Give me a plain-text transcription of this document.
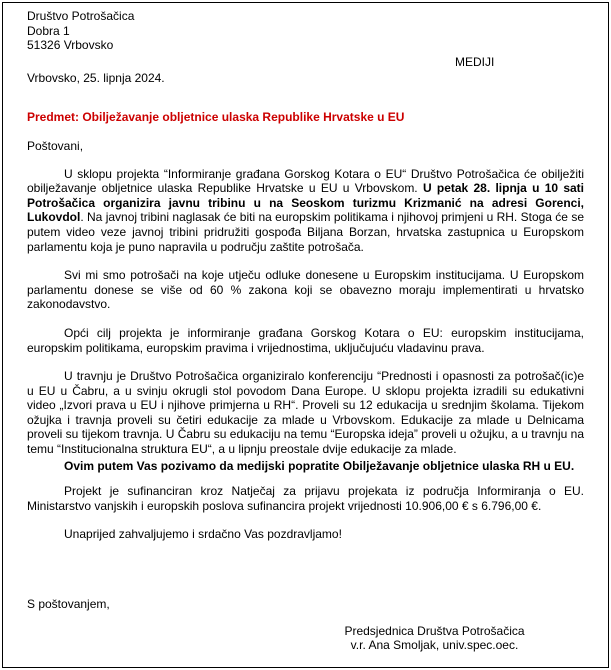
Društvo Potrošačica
Dobra 1
51326 Vrbovsko
MEDIJI
Vrbovsko, 25. lipnja 2024.
Predmet: Obilježavanje obljetnice ulaska Republike Hrvatske u EU
Poštovani,

U sklopu projekta “Informiranje građana Gorskog Kotara o EU“ Društvo Potrošačica će obilježiti obilježavanje obljetnice ulaska Republike Hrvatske u EU u Vrbovskom. U petak 28. lipnja u 10 sati Potrošačica organizira javnu tribinu u na Seoskom turizmu Krizmanić na adresi Gorenci, Lukovdol. Na javnoj tribini naglasak će biti na europskim politikama i njihovoj primjeni u RH. Stoga će se putem video veze javnoj tribini pridružiti gospođa Biljana Borzan, hrvatska zastupnica u Europskom parlamentu koja je puno napravila u području zaštite potrošača.

Svi mi smo potrošači na koje utječu odluke donesene u Europskim institucijama. U Europskom parlamentu donese se više od 60 % zakona koji se obavezno moraju implementirati u hrvatsko zakonodavstvo.

Opći cilj projekta je informiranje građana Gorskog Kotara o EU: europskim institucijama, europskim politikama, europskim pravima i vrijednostima, uključujuću vladavinu prava.

U travnju je Društvo Potrošačica organiziralo konferenciju “Prednosti i opasnosti za potrošač(ic)e u EU u Čabru, a u svinju okrugli stol povodom Dana Europe. U sklopu projekta izradili su edukativni video „Izvori prava u EU i njihove primjerna u RH“. Proveli su 12 edukacija u srednjim školama. Tijekom ožujka i travnja proveli su četiri edukacije za mlade u Vrbovskom. Edukacije za mlade u Delnicama proveli su tijekom travnja. U Čabru su edukaciju na temu “Europska ideja” proveli u ožujku, a u travnju na temu “Institucionalna struktura EU“, a u lipnju preostale dvije edukacije za mlade.

Ovim putem Vas pozivamo da medijski popratite Obilježavanje obljetnice ulaska RH u EU.

Projekt je sufinanciran kroz Natječaj za prijavu projekata iz područja Informiranja o EU. Ministarstvo vanjskih i europskih poslova sufinancira projekt vrijednosti 10.906,00 € s 6.796,00 €.

Unaprijed zahvaljujemo i srdačno Vas pozdravljamo!

S poštovanjem,
Predsjednica Društva Potrošačica
v.r. Ana Smoljak, univ.spec.oec.
